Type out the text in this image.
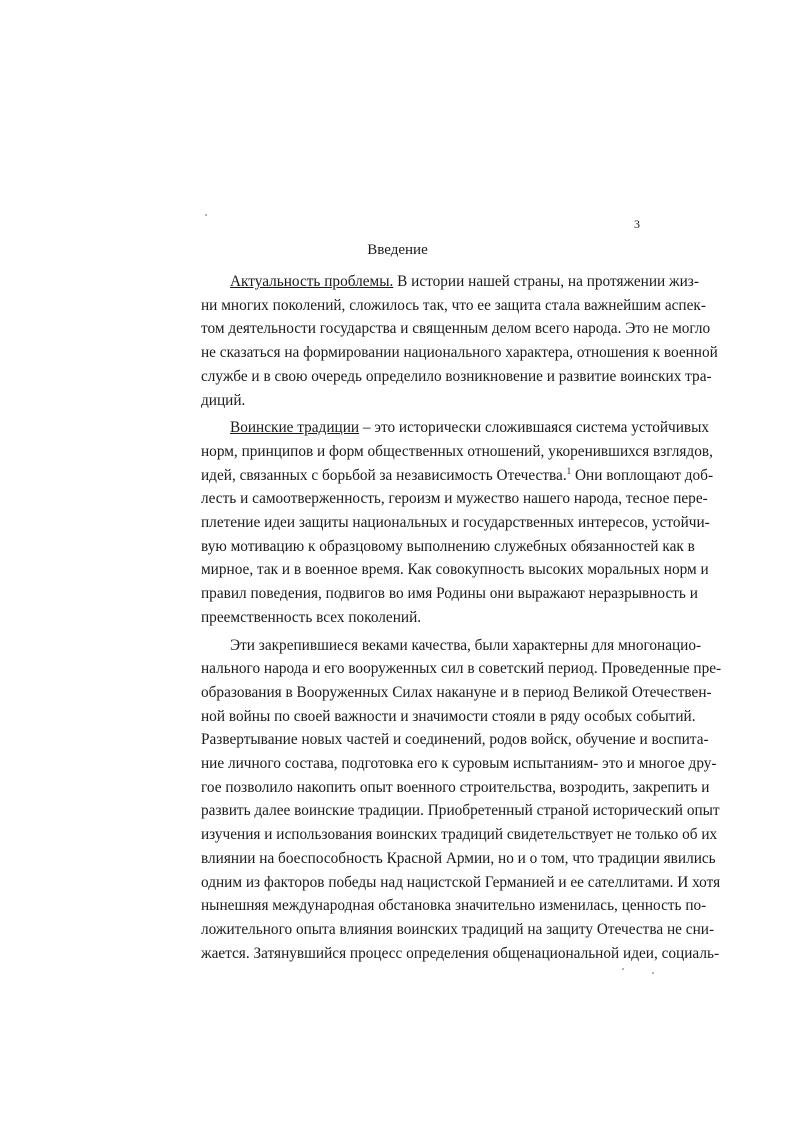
3
Введение
Актуальность проблемы. В истории нашей страны, на протяжении жиз-
ни многих поколений, сложилось так, что ее защита стала важнейшим аспек-
том деятельности государства и священным делом всего народа. Это не могло
не сказаться на формировании национального характера, отношения к военной
службе и в свою очередь определило возникновение и развитие воинских тра-
диций.
Воинские традиции – это исторически сложившаяся система устойчивых
норм, принципов и форм общественных отношений, укоренившихся взглядов,
идей, связанных с борьбой за независимость Отечества.$^1$ Они воплощают доб-
лесть и самоотверженность, героизм и мужество нашего народа, тесное пере-
плетение идеи защиты национальных и государственных интересов, устойчи-
вую мотивацию к образцовому выполнению служебных обязанностей как в
мирное, так и в военное время. Как совокупность высоких моральных норм и
правил поведения, подвигов во имя Родины они выражают неразрывность и
преемственность всех поколений.
Эти закрепившиеся веками качества, были характерны для многонацио-
нального народа и его вооруженных сил в советский период. Проведенные пре-
образования в Вооруженных Силах накануне и в период Великой Отечествен-
ной войны по своей важности и значимости стояли в ряду особых событий.
Развертывание новых частей и соединений, родов войск, обучение и воспита-
ние личного состава, подготовка его к суровым испытаниям- это и многое дру-
гое позволило накопить опыт военного строительства, возродить, закрепить и
развить далее воинские традиции. Приобретенный страной исторический опыт
изучения и использования воинских традиций свидетельствует не только об их
влиянии на боеспособность Красной Армии, но и о том, что традиции явились
одним из факторов победы над нацистской Германией и ее сателлитами. И хотя
нынешняя международная обстановка значительно изменилась, ценность по-
ложительного опыта влияния воинских традиций на защиту Отечества не сни-
жается. Затянувшийся процесс определения общенациональной идеи, социаль-
